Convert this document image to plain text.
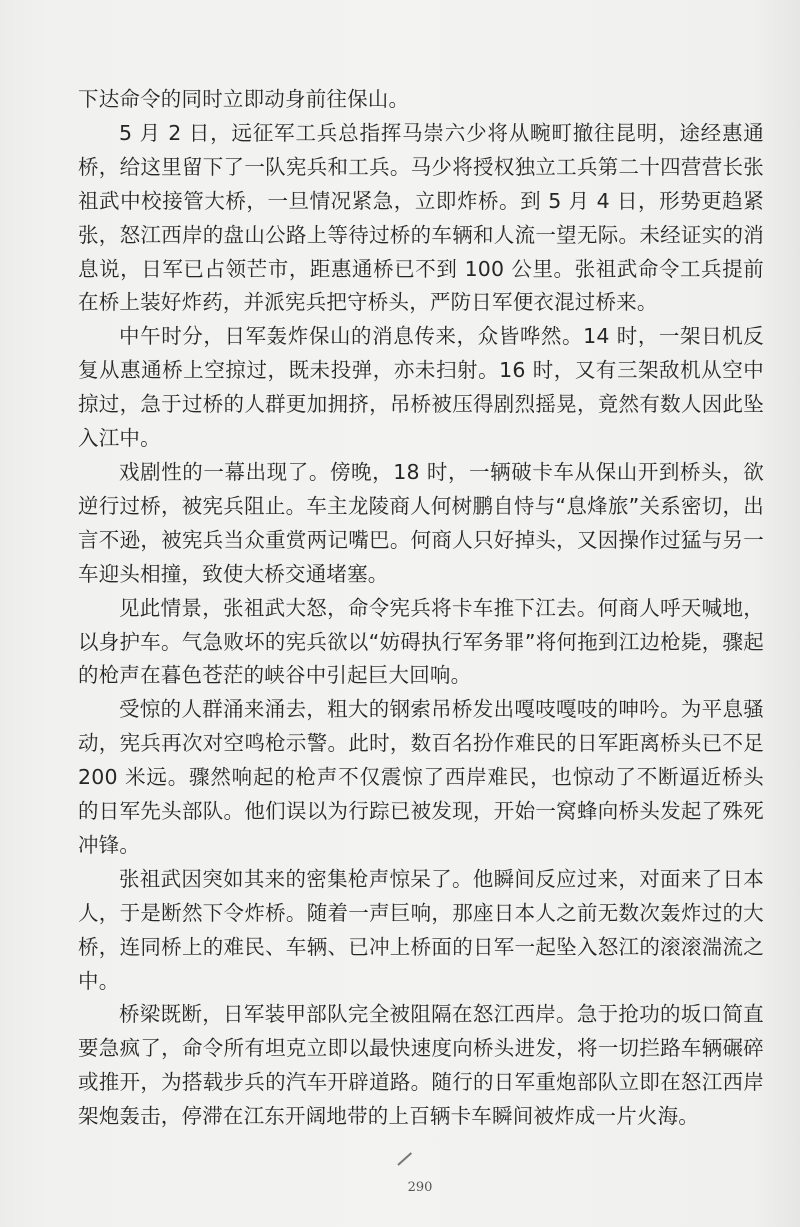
下达命令的同时立即动身前往保山。

5 月 2 日，远征军工兵总指挥马崇六少将从畹町撤往昆明，途经惠通桥，给这里留下了一队宪兵和工兵。马少将授权独立工兵第二十四营营长张祖武中校接管大桥，一旦情况紧急，立即炸桥。到 5 月 4 日，形势更趋紧张，怒江西岸的盘山公路上等待过桥的车辆和人流一望无际。未经证实的消息说，日军已占领芒市，距惠通桥已不到 100 公里。张祖武命令工兵提前在桥上装好炸药，并派宪兵把守桥头，严防日军便衣混过桥来。

中午时分，日军轰炸保山的消息传来，众皆哗然。14 时，一架日机反复从惠通桥上空掠过，既未投弹，亦未扫射。16 时，又有三架敌机从空中掠过，急于过桥的人群更加拥挤，吊桥被压得剧烈摇晃，竟然有数人因此坠入江中。

戏剧性的一幕出现了。傍晚，18 时，一辆破卡车从保山开到桥头，欲逆行过桥，被宪兵阻止。车主龙陵商人何树鹏自恃与“息烽旅”关系密切，出言不逊，被宪兵当众重赏两记嘴巴。何商人只好掉头，又因操作过猛与另一车迎头相撞，致使大桥交通堵塞。

见此情景，张祖武大怒，命令宪兵将卡车推下江去。何商人呼天喊地，以身护车。气急败坏的宪兵欲以“妨碍执行军务罪”将何拖到江边枪毙，骤起的枪声在暮色苍茫的峡谷中引起巨大回响。

受惊的人群涌来涌去，粗大的钢索吊桥发出嘎吱嘎吱的呻吟。为平息骚动，宪兵再次对空鸣枪示警。此时，数百名扮作难民的日军距离桥头已不足 200 米远。骤然响起的枪声不仅震惊了西岸难民，也惊动了不断逼近桥头的日军先头部队。他们误以为行踪已被发现，开始一窝蜂向桥头发起了殊死冲锋。

张祖武因突如其来的密集枪声惊呆了。他瞬间反应过来，对面来了日本人，于是断然下令炸桥。随着一声巨响，那座日本人之前无数次轰炸过的大桥，连同桥上的难民、车辆、已冲上桥面的日军一起坠入怒江的滚滚湍流之中。

桥梁既断，日军装甲部队完全被阻隔在怒江西岸。急于抢功的坂口简直要急疯了，命令所有坦克立即以最快速度向桥头进发，将一切拦路车辆碾碎或推开，为搭载步兵的汽车开辟道路。随行的日军重炮部队立即在怒江西岸架炮轰击，停滞在江东开阔地带的上百辆卡车瞬间被炸成一片火海。

290
